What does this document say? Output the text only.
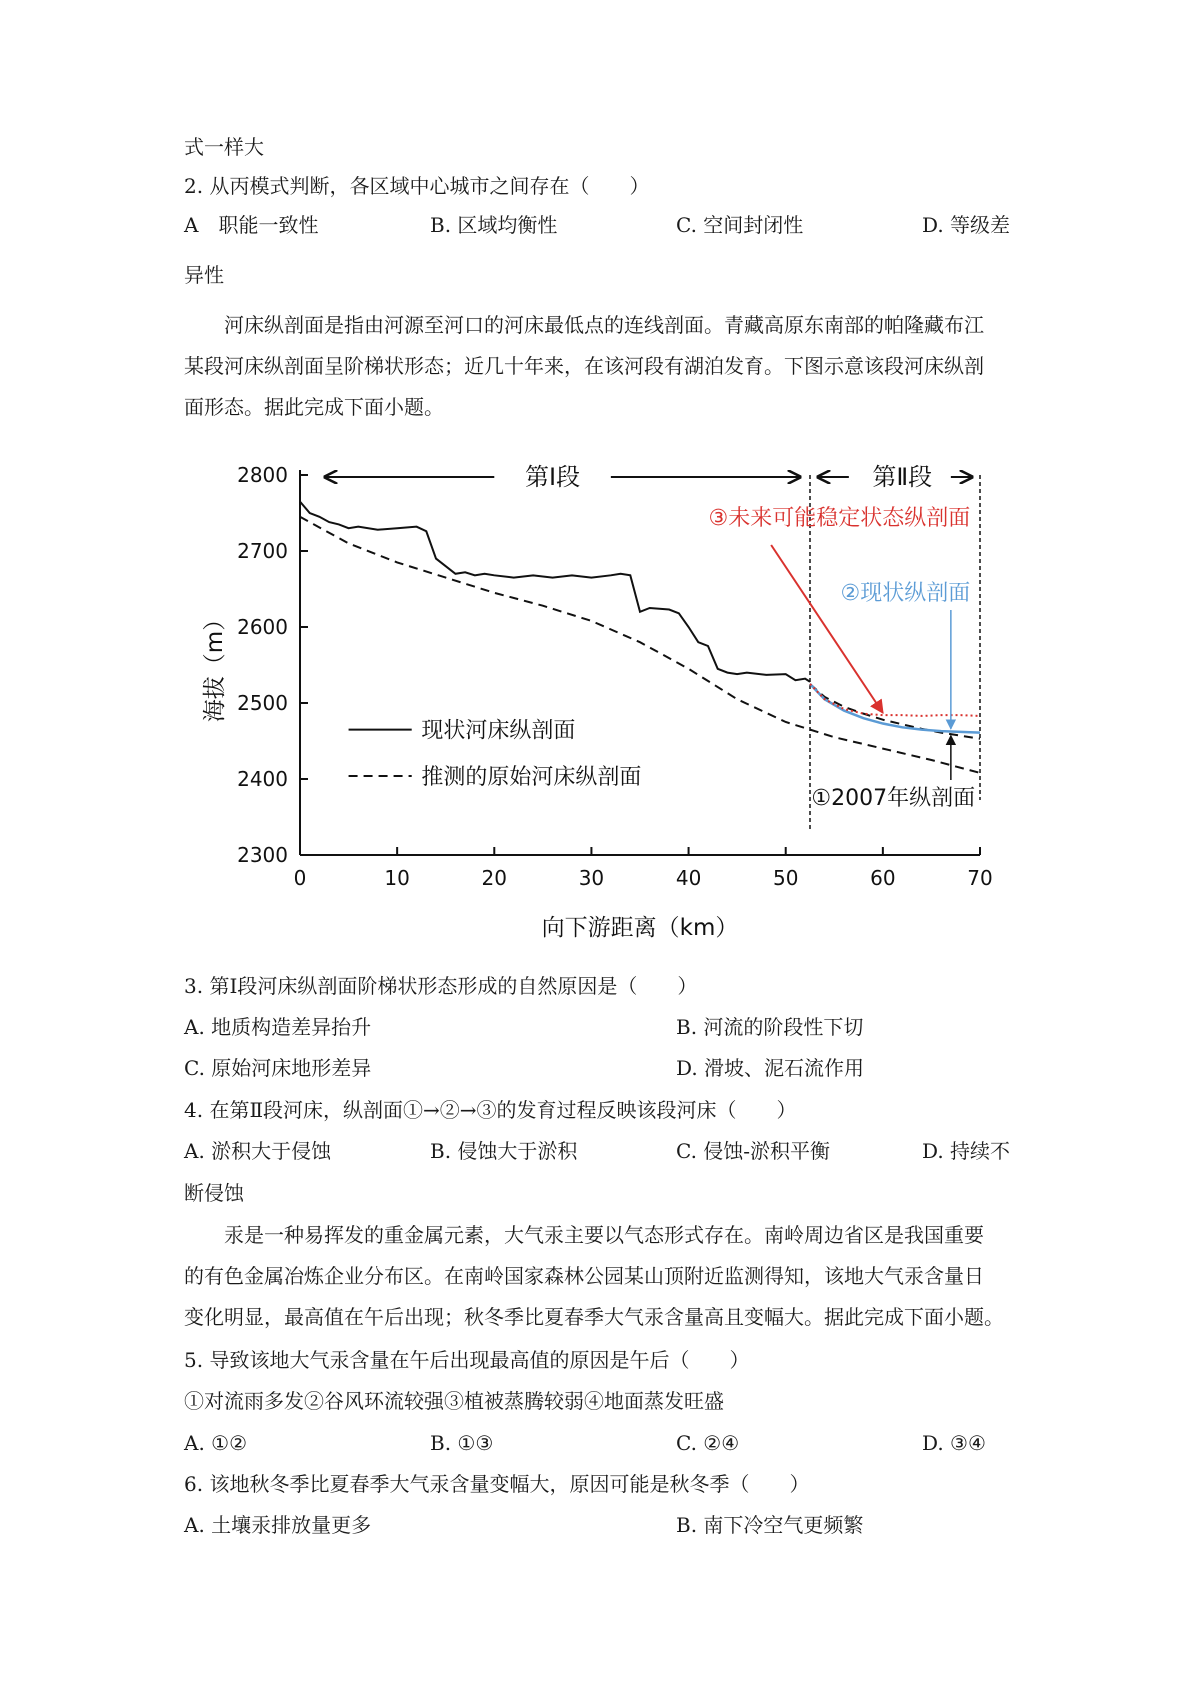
式一样大
2. 从丙模式判断，各区域中心城市之间存在（　　）
A　职能一致性	B. 区域均衡性	C. 空间封闭性	D. 等级差
异性

河床纵剖面是指由河源至河口的河床最低点的连线剖面。青藏高原东南部的帕隆藏布江

某段河床纵剖面呈阶梯状形态；近几十年来，在该河段有湖泊发育。下图示意该段河床纵剖

面形态。据此完成下面小题。

2300
2400
2500
2600
2700
2800
0	10	20	30	40	50	60	70
向下游距离（km）
海拔（m）
第Ⅰ段	第Ⅱ段
③未来可能稳定状态纵剖面
②现状纵剖面
①2007年纵剖面
现状河床纵剖面
推测的原始河床纵剖面
3. 第Ⅰ段河床纵剖面阶梯状形态形成的自然原因是（　　）
A. 地质构造差异抬升	B. 河流的阶段性下切
C. 原始河床地形差异	D. 滑坡、泥石流作用
4. 在第Ⅱ段河床，纵剖面①→②→③的发育过程反映该段河床（　　）
A. 淤积大于侵蚀	B. 侵蚀大于淤积	C. 侵蚀-淤积平衡	D. 持续不
断侵蚀

汞是一种易挥发的重金属元素，大气汞主要以气态形式存在。南岭周边省区是我国重要

的有色金属冶炼企业分布区。在南岭国家森林公园某山顶附近监测得知，该地大气汞含量日

变化明显，最高值在午后出现；秋冬季比夏春季大气汞含量高且变幅大。据此完成下面小题。

5. 导致该地大气汞含量在午后出现最高值的原因是午后（　　）
①对流雨多发②谷风环流较强③植被蒸腾较弱④地面蒸发旺盛
A. ①②	B. ①③	C. ②④	D. ③④
6. 该地秋冬季比夏春季大气汞含量变幅大，原因可能是秋冬季（　　）
A. 土壤汞排放量更多	B. 南下冷空气更频繁
